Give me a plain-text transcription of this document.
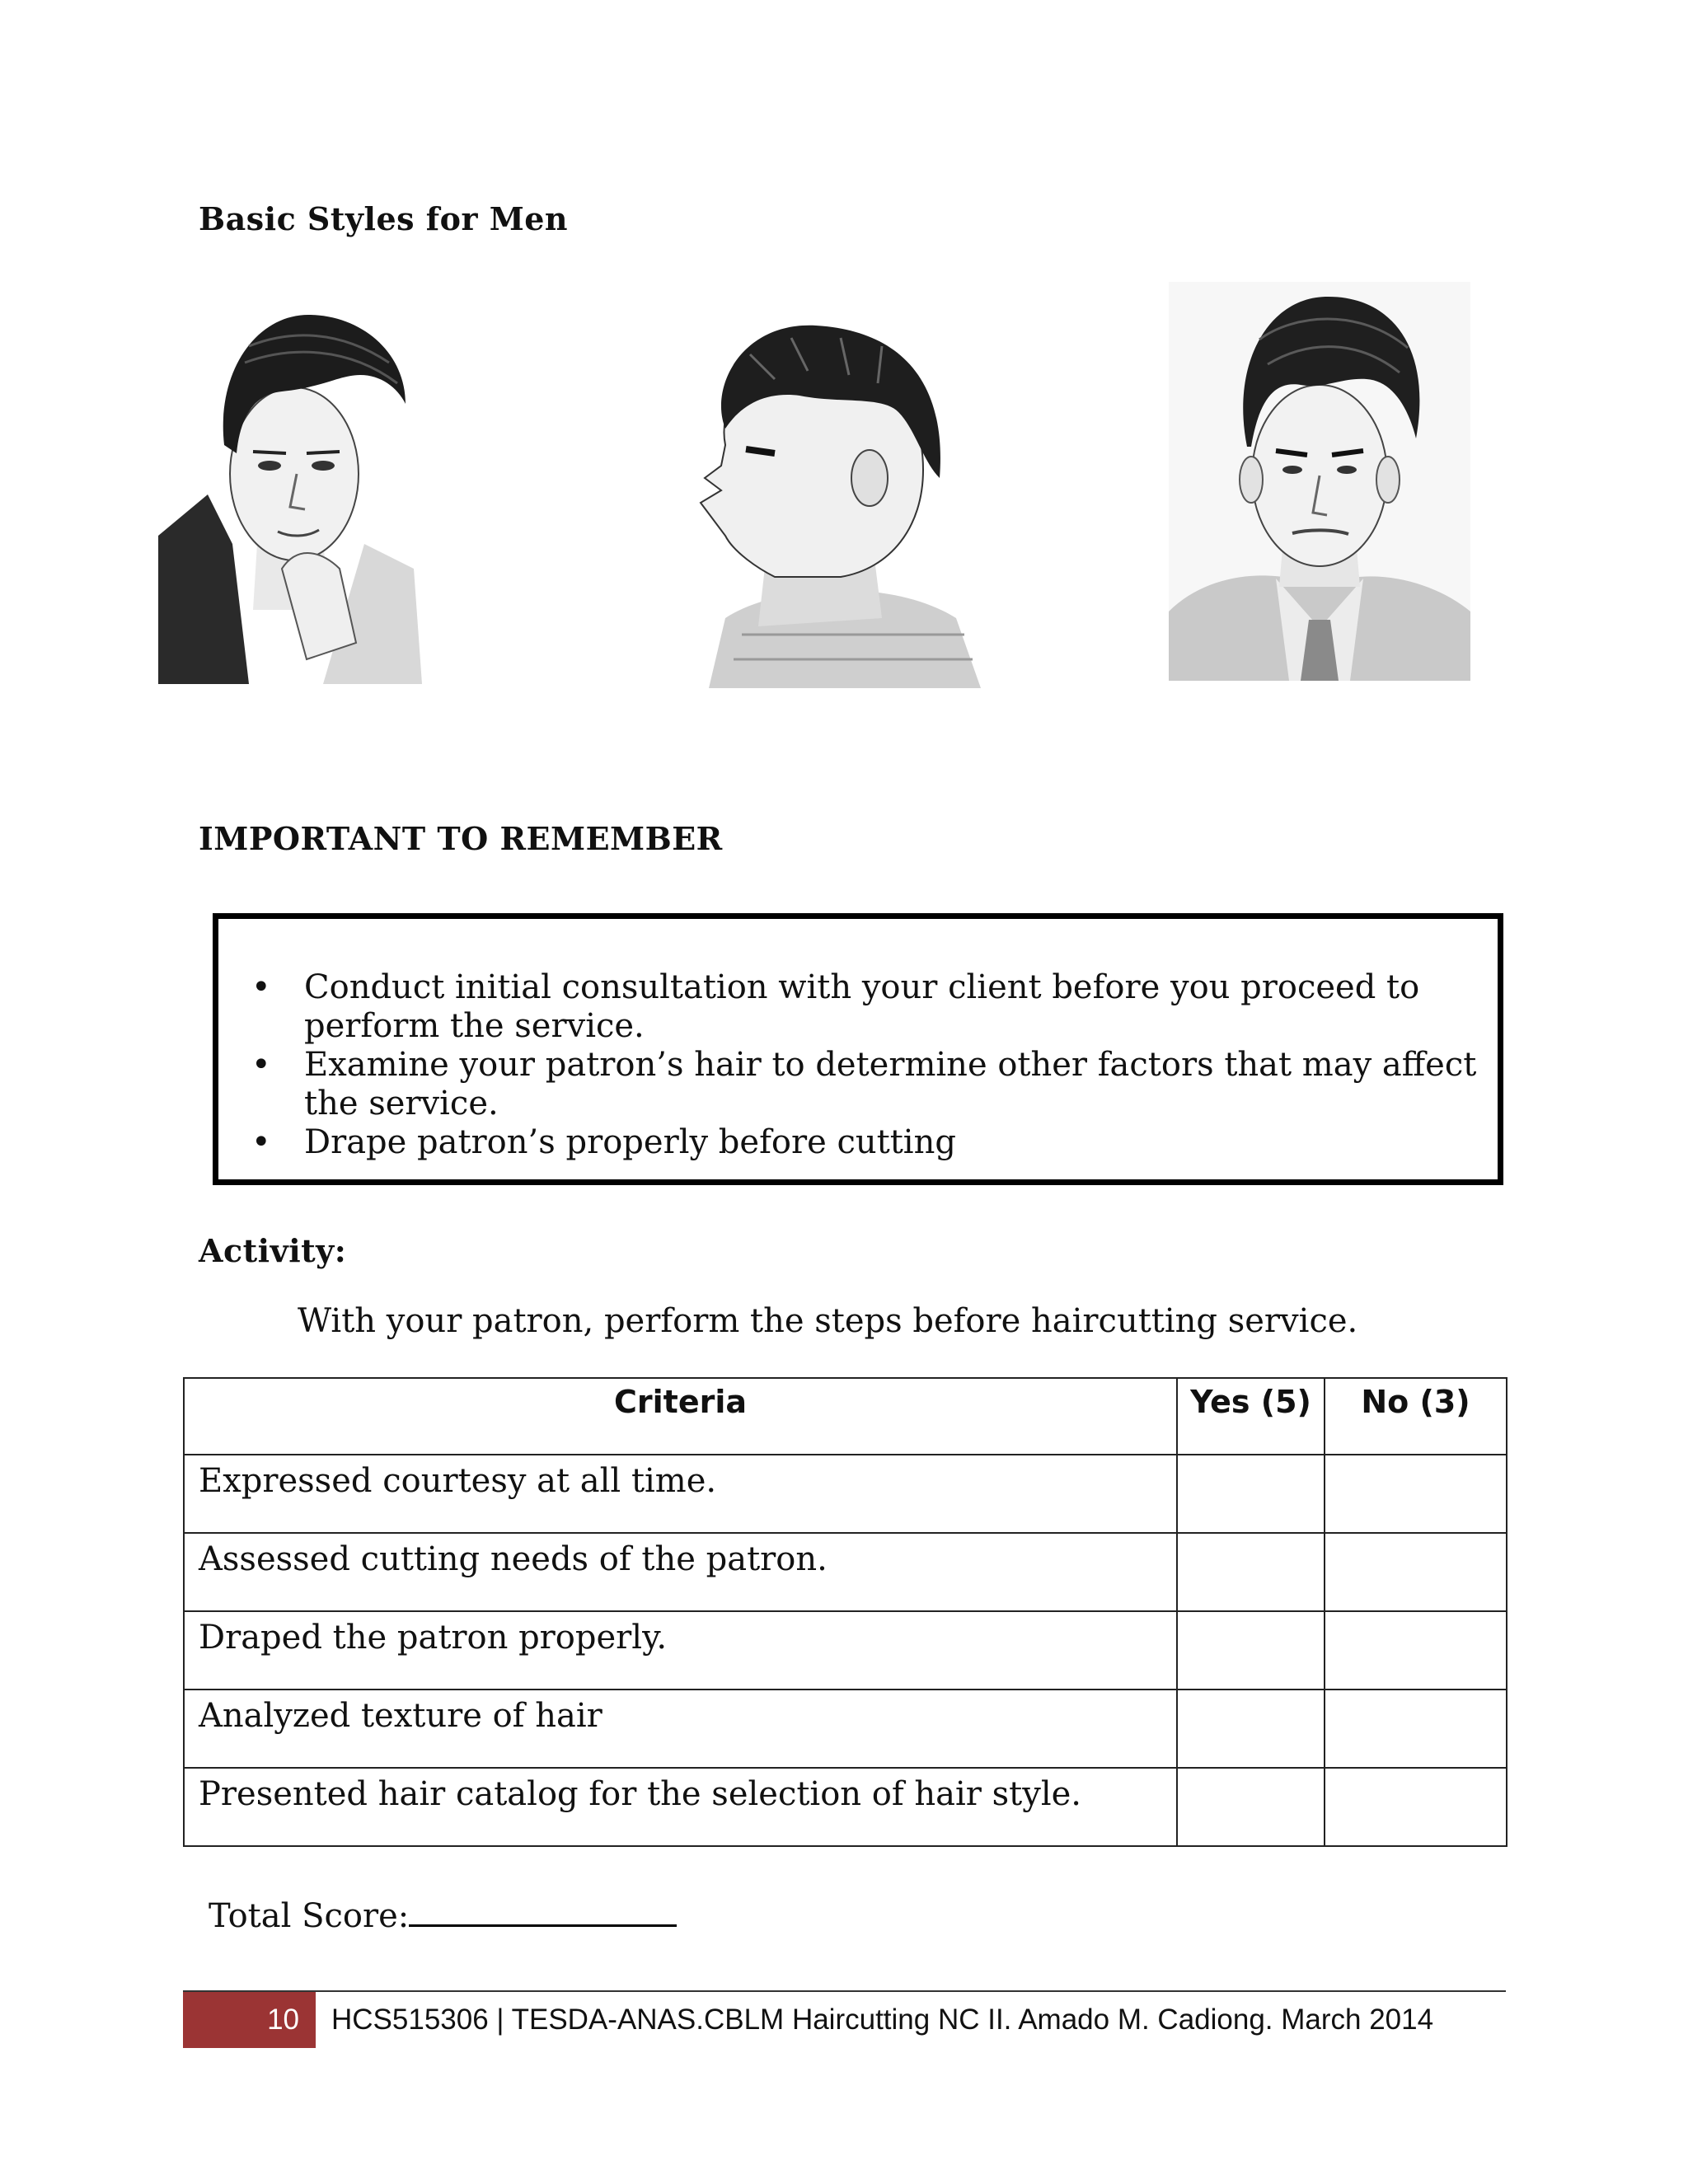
Basic Styles for Men
IMPORTANT TO REMEMBER
• Conduct initial consultation with your client before you proceed to perform the service.
• Examine your patron’s hair to determine other factors that may affect the service.
• Drape patron’s properly before cutting
Activity:
With your patron, perform the steps before haircutting service.
Criteria	Yes (5)	No (3)
Expressed courtesy at all time.		
Assessed cutting needs of the patron.		
Draped the patron properly.		
Analyzed texture of hair		
Presented hair catalog for the selection of hair style.		
Total Score:
10	HCS515306 | TESDA-ANAS.CBLM Haircutting NC II. Amado M. Cadiong. March 2014
